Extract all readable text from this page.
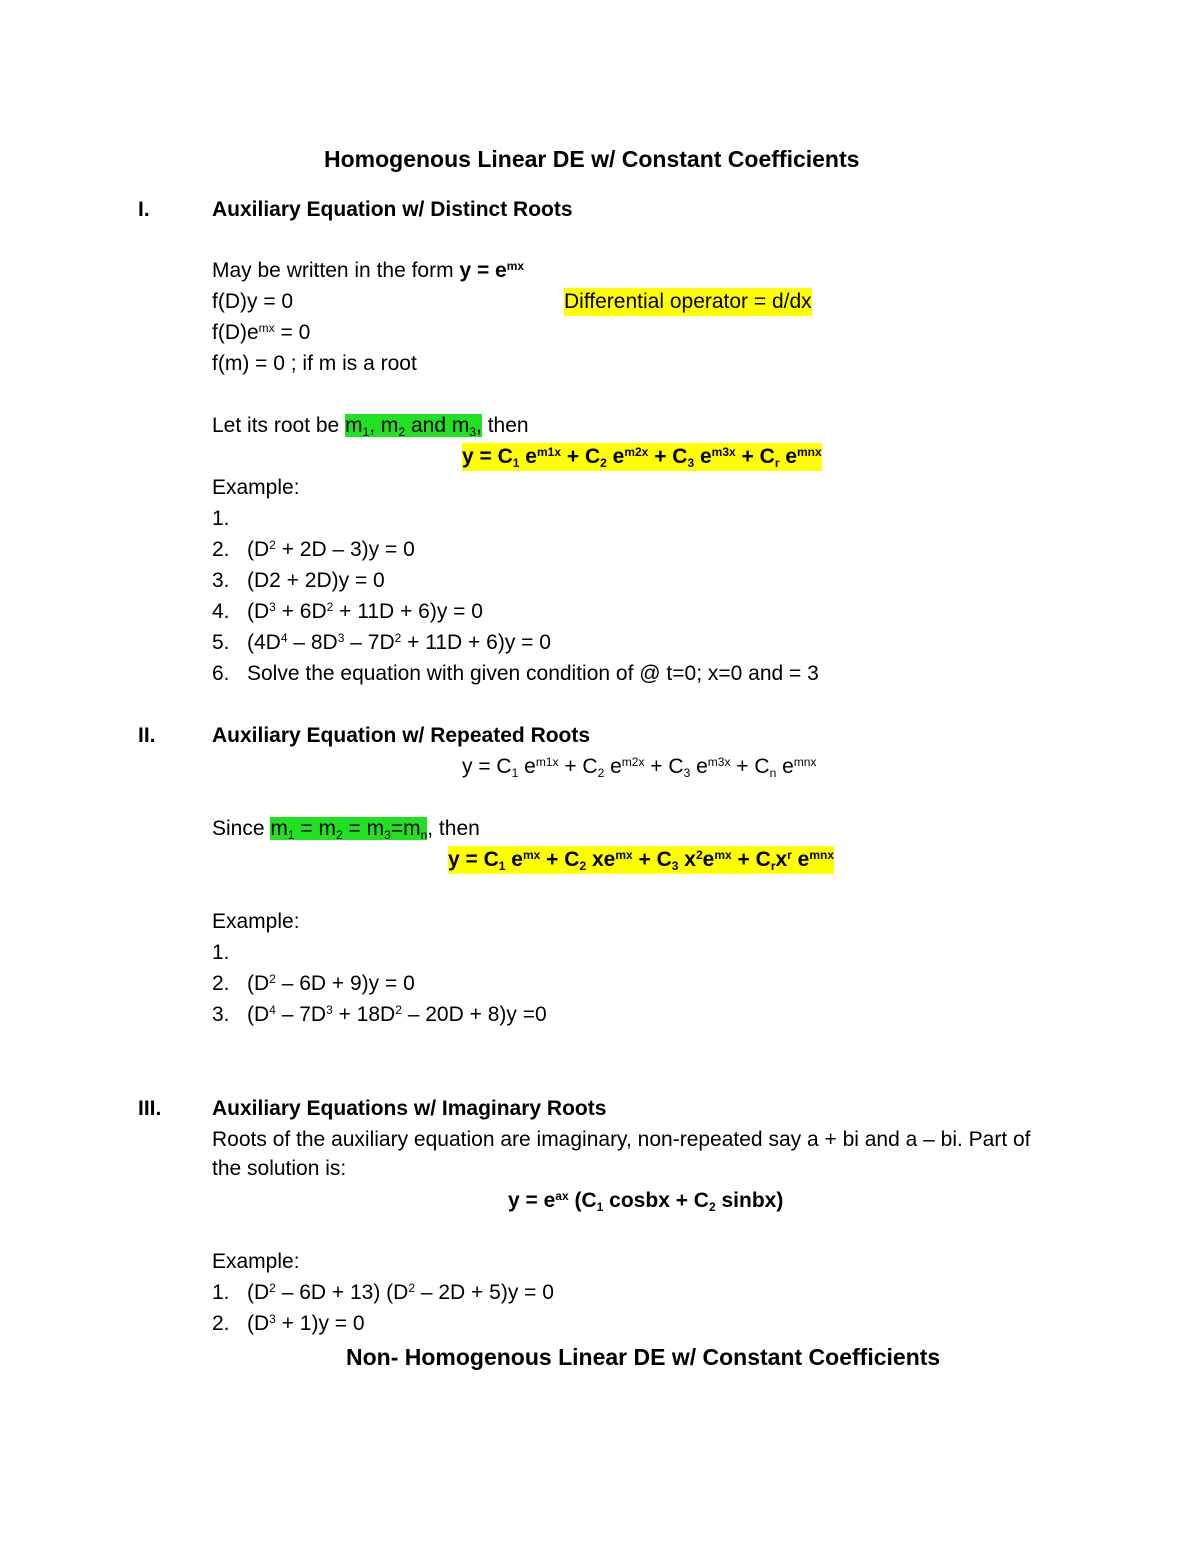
Homogenous Linear DE w/ Constant Coefficients
I.	Auxiliary Equation w/ Distinct Roots
May be written in the form $y = e^{mx}$
f(D)y = 0	Differential operator = d/dx
$f(D)e^{mx} = 0$
f(m) = 0 ; if m is a root
Let its root be $m_1$, $m_2$ and $m_3$, then
$y = C_1$ $e^{m1x} + C_2$ $e^{m2x} + C_3$ $e^{m3x} + C_r$ $e^{mnx}$
Example:
1.
2. $(D^2 + 2D - 3)y = 0$
3. (D2 + 2D)y = 0
4. $(D^3 + 6D^2 + 11D + 6)y = 0$
5. $(4D^4 - 8D^3 - 7D^2 + 11D + 6)y = 0$
6. Solve the equation with given condition of @ t=0; x=0 and = 3
II.	Auxiliary Equation w/ Repeated Roots
$y = C_1$ $e^{m1x} + C_2$ $e^{m2x} + C_3$ $e^{m3x} + C_n$ $e^{mnx}$
Since $m_1 = m_2 = m_3=m_n$, then
$y = C_1$ $e^{mx} + C_2$ $xe^{mx} + C_3$ $x^2e^{mx} + C_rx^r$ $e^{mnx}$
Example:
1.
2. $(D^2 - 6D + 9)y = 0$
3. $(D^4 - 7D^3 + 18D^2 - 20D + 8)y =0$
III. Auxiliary Equations w/ Imaginary Roots
Roots of the auxiliary equation are imaginary, non-repeated say a + bi and a – bi. Part of
the solution is:
$y = e^{ax}$ ($C_1$ cosbx + $C_2$ sinbx)
Example:
1. $(D^2 - 6D + 13)$ $(D^2 - 2D + 5)y = 0$
2. $(D^3 + 1)y = 0$
Non- Homogenous Linear DE w/ Constant Coefficients
